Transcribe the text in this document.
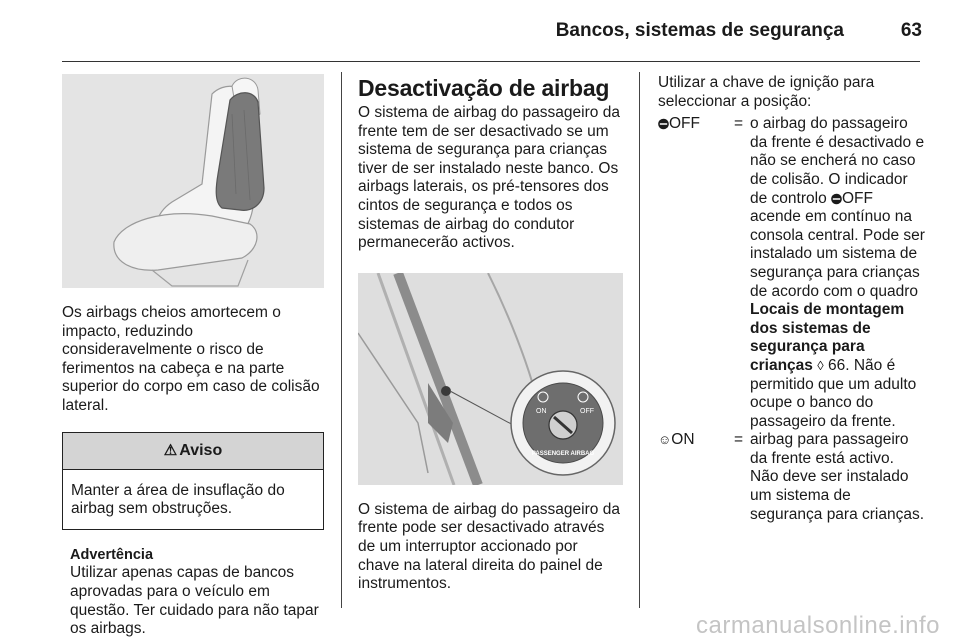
Bancos, sistemas de segurança	63

Os airbags cheios amortecem o impacto, reduzindo consideravelmente o risco de ferimentos na cabeça e na parte superior do corpo em caso de colisão lateral.

⚠ Aviso
Manter a área de insuflação do airbag sem obstruções.
Advertência
Utilizar apenas capas de bancos aprovadas para o veículo em questão. Ter cuidado para não tapar os airbags.
Desactivação de airbag

O sistema de airbag do passageiro da frente tem de ser desactivado se um sistema de segurança para crianças tiver de ser instalado neste banco. Os airbags laterais, os pré-tensores dos cintos de segurança e todos os sistemas de airbag do condutor permanecerão activos.

ON	OFF
PASSENGER AIRBAG

O sistema de airbag do passageiro da frente pode ser desactivado através de um interruptor accionado por chave na lateral direita do painel de instrumentos.

Utilizar a chave de ignição para seleccionar a posição:

⛔︎OFF	= o airbag do passageiro da frente é desactivado e não se encherá no caso de colisão. O indicador de controlo ⛔︎OFF acende em contínuo na consola central. Pode ser instalado um sistema de segurança para crianças de acordo com o quadro Locais de montagem dos sistemas de segurança para crianças ◊ 66. Não é permitido que um adulto ocupe o banco do passageiro da frente.
☺︎ON	= airbag para passageiro da frente está activo. Não deve ser instalado um sistema de segurança para crianças.
carmanualsonline.info
